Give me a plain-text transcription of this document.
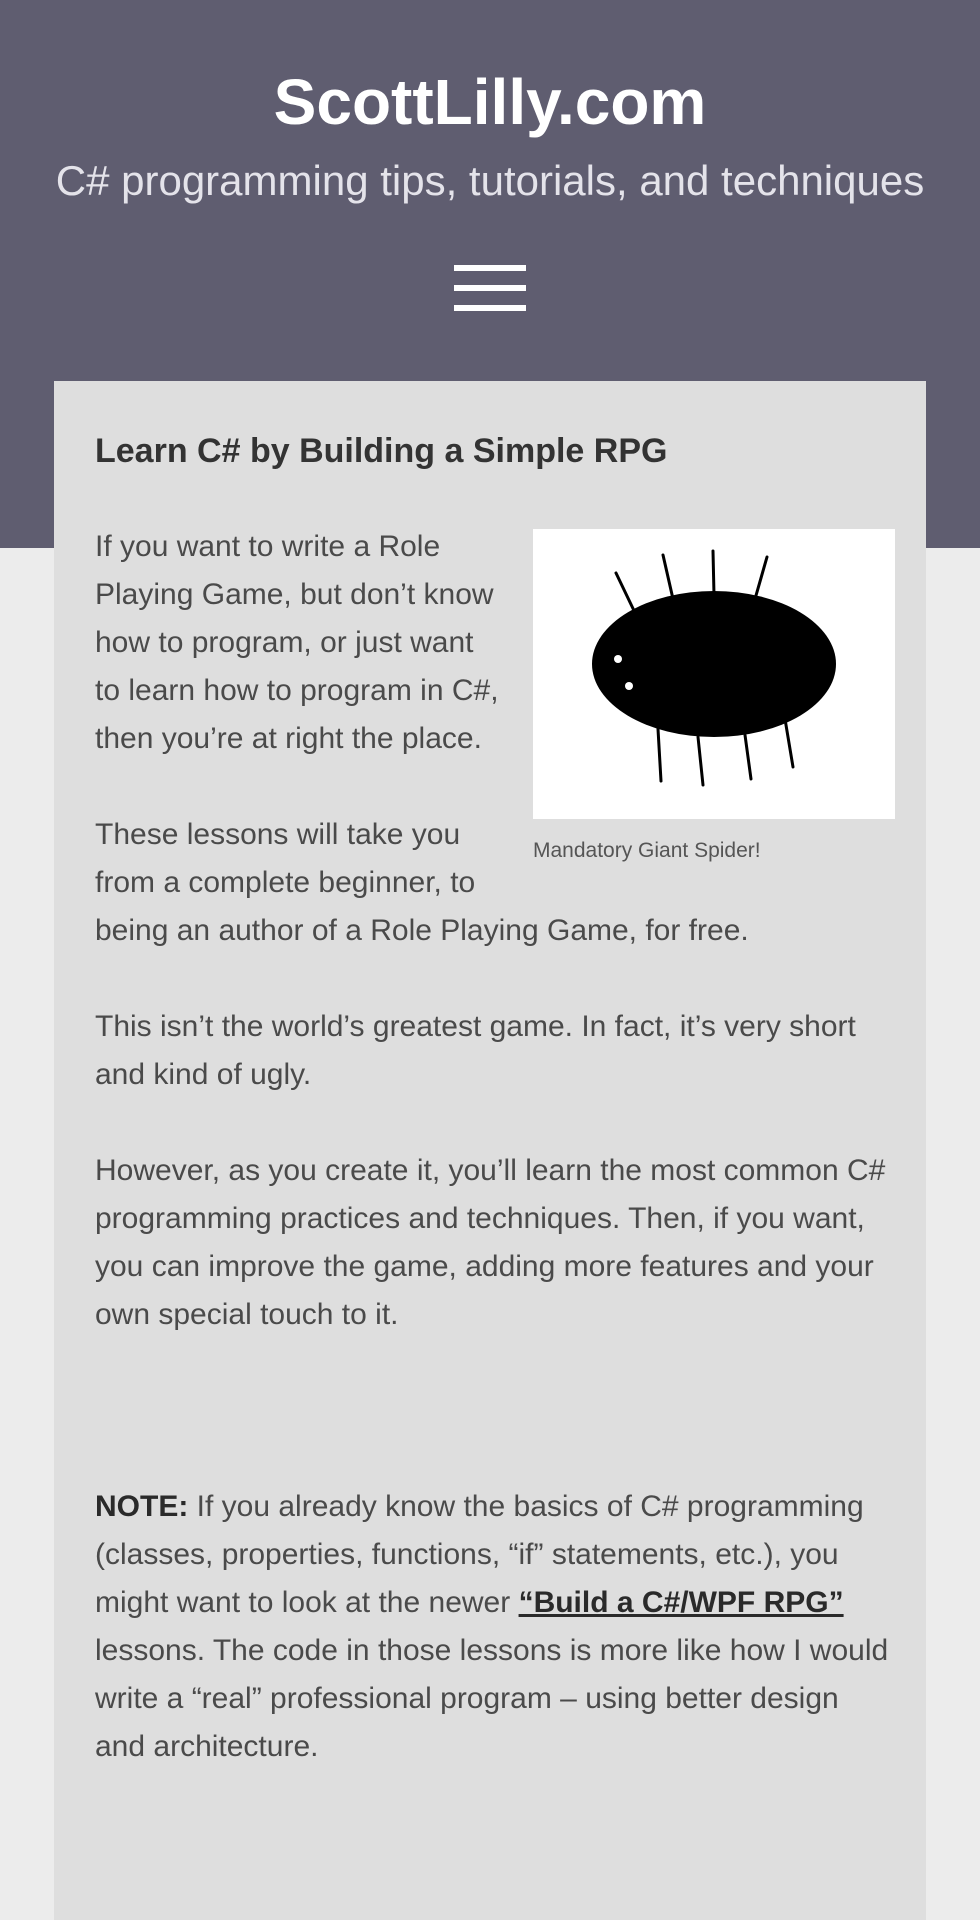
ScottLilly.com
C# programming tips, tutorials, and techniques
Learn C# by Building a Simple RPG
Mandatory Giant Spider!

If you want to write a Role Playing Game, but don’t know how to program, or just want to learn how to program in C#, then you’re at right the place.

These lessons will take you from a complete beginner, to being an author of a Role Playing Game, for free.

This isn’t the world’s greatest game. In fact, it’s very short and kind of ugly.

However, as you create it, you’ll learn the most common C# programming practices and techniques. Then, if you want, you can improve the game, adding more features and your own special touch to it.

NOTE: If you already know the basics of C# programming (classes, properties, functions, “if” statements, etc.), you might want to look at the newer “Build a C#/WPF RPG” lessons. The code in those lessons is more like how I would write a “real” professional program – using better design and architecture.
